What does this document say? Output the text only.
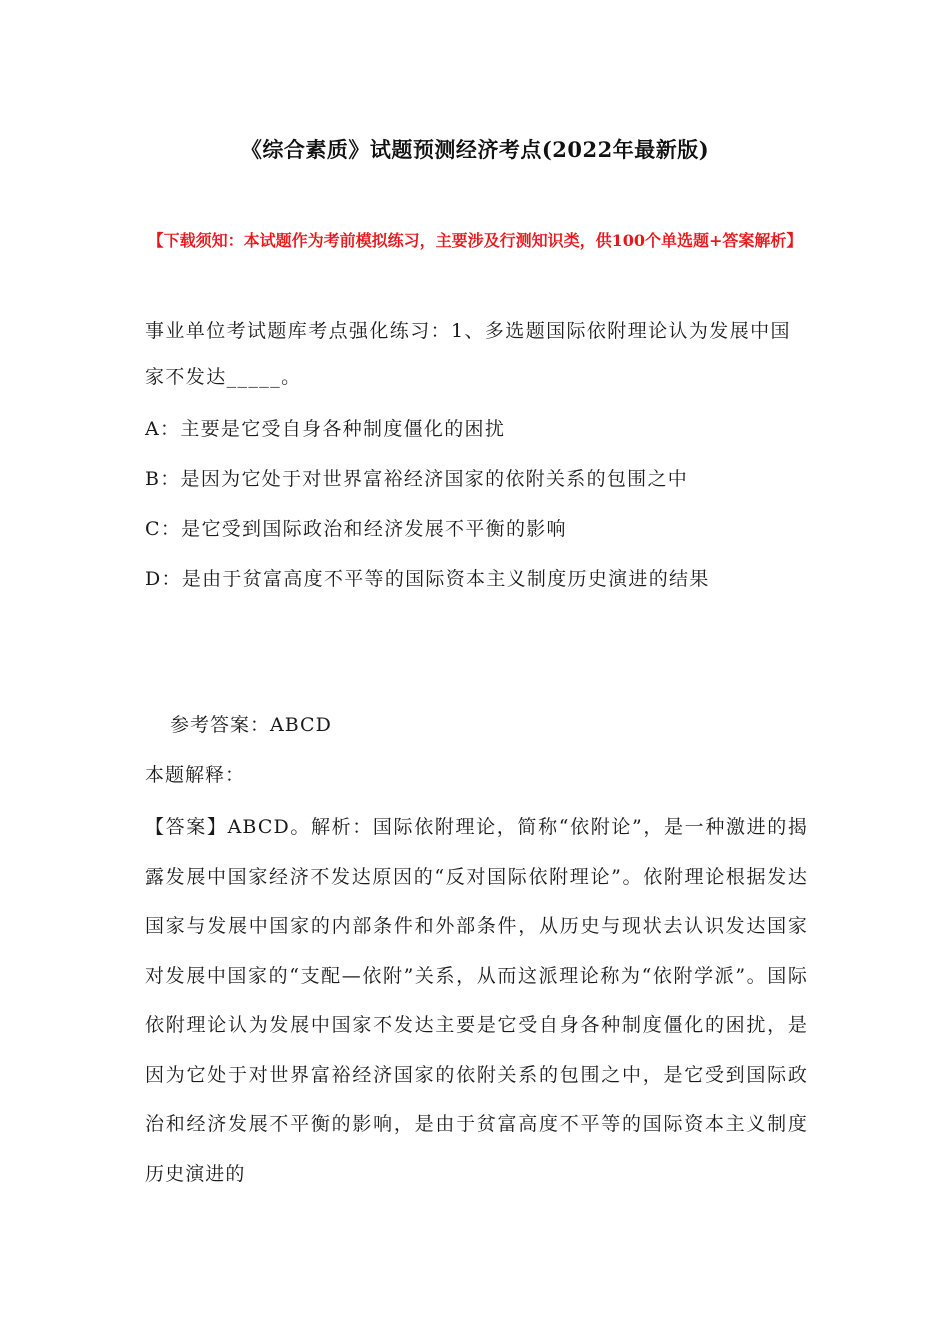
《综合素质》试题预测经济考点(2022年最新版)
【下载须知：本试题作为考前模拟练习，主要涉及行测知识类，供100个单选题+答案解析】
事业单位考试题库考点强化练习：1、多选题国际依附理论认为发展中国家不发达_____。
A：主要是它受自身各种制度僵化的困扰
B：是因为它处于对世界富裕经济国家的依附关系的包围之中
C：是它受到国际政治和经济发展不平衡的影响
D：是由于贫富高度不平等的国际资本主义制度历史演进的结果
参考答案：ABCD
本题解释：
【答案】ABCD。解析：国际依附理论，简称“依附论”，是一种激进的揭露发展中国家经济不发达原因的“反对国际依附理论”。依附理论根据发达国家与发展中国家的内部条件和外部条件，从历史与现状去认识发达国家对发展中国家的“支配—依附”关系，从而这派理论称为“依附学派”。国际依附理论认为发展中国家不发达主要是它受自身各种制度僵化的困扰，是因为它处于对世界富裕经济国家的依附关系的包围之中，是它受到国际政治和经济发展不平衡的影响，是由于贫富高度不平等的国际资本主义制度历史演进的
